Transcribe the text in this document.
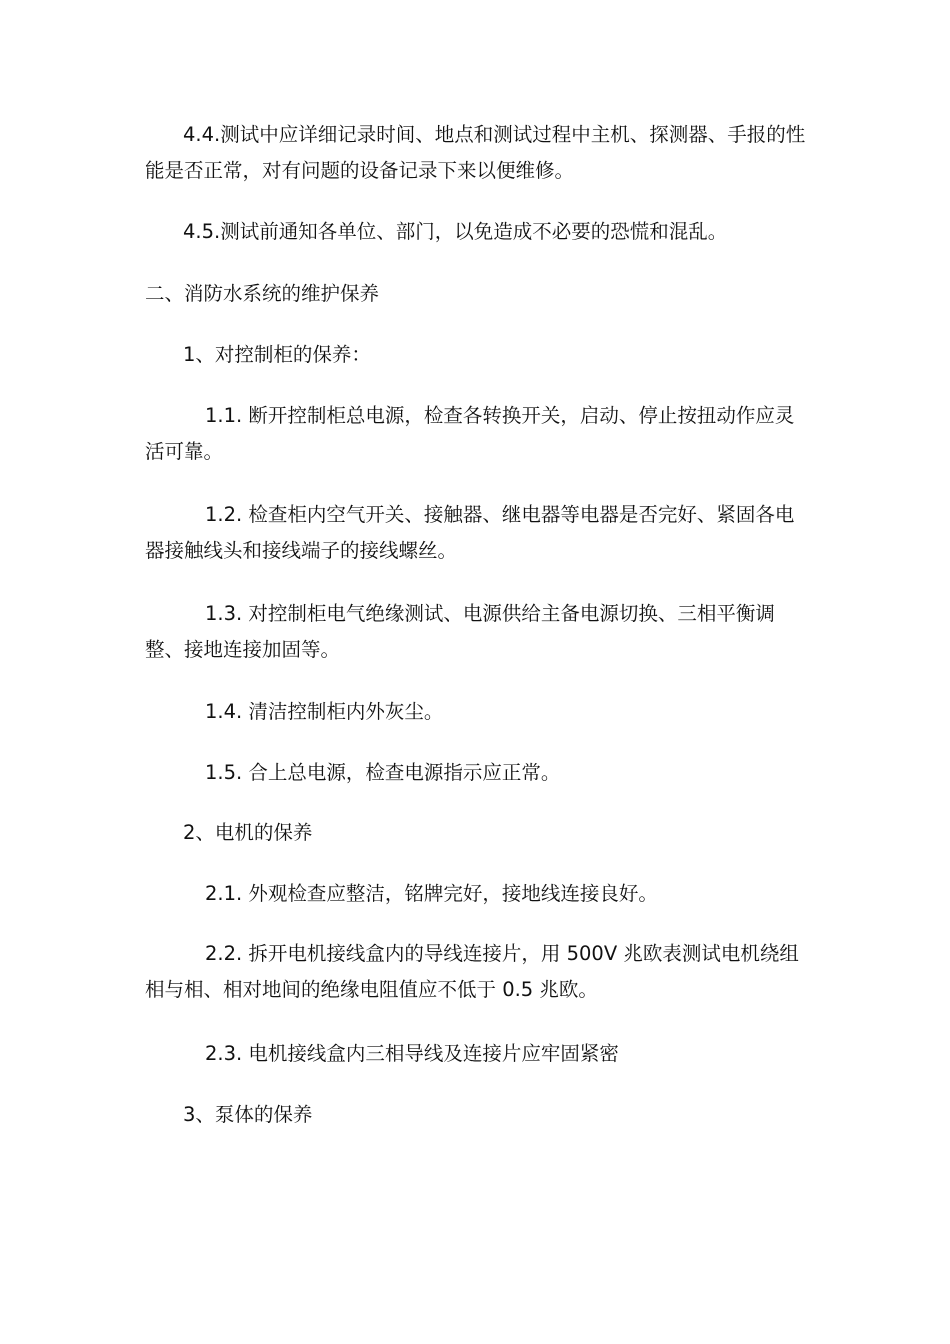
4.4.测试中应详细记录时间、地点和测试过程中主机、探测器、手报的性能是否正常，对有问题的设备记录下来以便维修。

4.5.测试前通知各单位、部门，以免造成不必要的恐慌和混乱。

二、消防水系统的维护保养

1、对控制柜的保养：

1.1. 断开控制柜总电源，检查各转换开关，启动、停止按扭动作应灵活可靠。

1.2. 检查柜内空气开关、接触器、继电器等电器是否完好、紧固各电器接触线头和接线端子的接线螺丝。

1.3. 对控制柜电气绝缘测试、电源供给主备电源切换、三相平衡调整、接地连接加固等。

1.4. 清洁控制柜内外灰尘。

1.5. 合上总电源，检查电源指示应正常。

2、电机的保养

2.1. 外观检查应整洁，铭牌完好，接地线连接良好。

2.2. 拆开电机接线盒内的导线连接片，用 500V 兆欧表测试电机绕组相与相、相对地间的绝缘电阻值应不低于 0.5 兆欧。

2.3. 电机接线盒内三相导线及连接片应牢固紧密

3、泵体的保养
